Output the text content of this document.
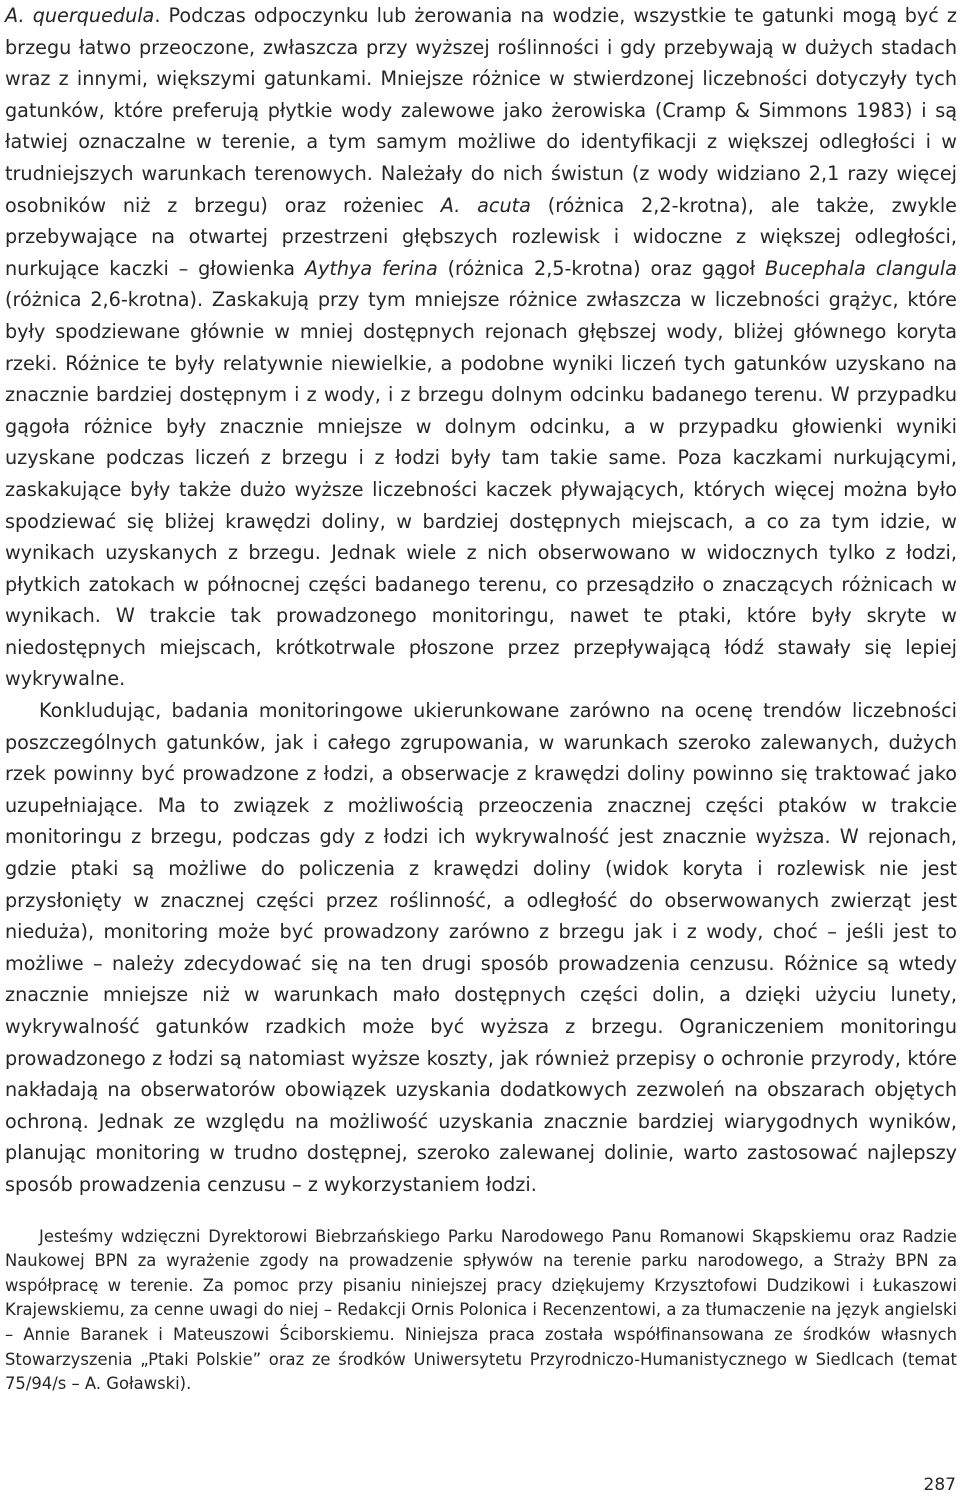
A. querquedula. Podczas odpoczynku lub żerowania na wodzie, wszystkie te gatunki mogą być z brzegu łatwo przeoczone, zwłaszcza przy wyższej roślinności i gdy przebywają w dużych stadach wraz z innymi, większymi gatunkami. Mniejsze różnice w stwierdzonej liczebności dotyczyły tych gatunków, które preferują płytkie wody zalewowe jako żerowiska (Cramp & Simmons 1983) i są łatwiej oznaczalne w terenie, a tym samym możliwe do identyfikacji z większej odległości i w trudniejszych warunkach terenowych. Należały do nich świstun (z wody widziano 2,1 razy więcej osobników niż z brzegu) oraz rożeniec A. acuta (różnica 2,2-krotna), ale także, zwykle przebywające na otwartej przestrzeni głębszych rozlewisk i widoczne z większej odległości, nurkujące kaczki – głowienka Aythya ferina (różnica 2,5-krotna) oraz gągoł Bucephala clangula (różnica 2,6-krotna). Zaskakują przy tym mniejsze różnice zwłaszcza w liczebności grążyc, które były spodziewane głównie w mniej dostępnych rejonach głębszej wody, bliżej głównego koryta rzeki. Różnice te były relatywnie niewielkie, a podobne wyniki liczeń tych gatunków uzyskano na znacznie bardziej dostępnym i z wody, i z brzegu dolnym odcinku badanego terenu. W przypadku gągoła różnice były znacznie mniejsze w dolnym odcinku, a w przypadku głowienki wyniki uzyskane podczas liczeń z brzegu i z łodzi były tam takie same. Poza kaczkami nurkującymi, zaskakujące były także dużo wyższe liczebności kaczek pływających, których więcej można było spodziewać się bliżej krawędzi doliny, w bardziej dostępnych miejscach, a co za tym idzie, w wynikach uzyskanych z brzegu. Jednak wiele z nich obserwowano w widocznych tylko z łodzi, płytkich zatokach w północnej części badanego terenu, co przesądziło o znaczących różnicach w wynikach. W trakcie tak prowadzonego monitoringu, nawet te ptaki, które były skryte w niedostępnych miejscach, krótkotrwale płoszone przez przepływającą łódź stawały się lepiej wykrywalne.

Konkludując, badania monitoringowe ukierunkowane zarówno na ocenę trendów liczebności poszczególnych gatunków, jak i całego zgrupowania, w warunkach szeroko zalewanych, dużych rzek powinny być prowadzone z łodzi, a obserwacje z krawędzi doliny powinno się traktować jako uzupełniające. Ma to związek z możliwością przeoczenia znacznej części ptaków w trakcie monitoringu z brzegu, podczas gdy z łodzi ich wykrywalność jest znacznie wyższa. W rejonach, gdzie ptaki są możliwe do policzenia z krawędzi doliny (widok koryta i rozlewisk nie jest przysłonięty w znacznej części przez roślinność, a odległość do obserwowanych zwierząt jest nieduża), monitoring może być prowadzony zarówno z brzegu jak i z wody, choć – jeśli jest to możliwe – należy zdecydować się na ten drugi sposób prowadzenia cenzusu. Różnice są wtedy znacznie mniejsze niż w warunkach mało dostępnych części dolin, a dzięki użyciu lunety, wykrywalność gatunków rzadkich może być wyższa z brzegu. Ograniczeniem monitoringu prowadzonego z łodzi są natomiast wyższe koszty, jak również przepisy o ochronie przyrody, które nakładają na obserwatorów obowiązek uzyskania dodatkowych zezwoleń na obszarach objętych ochroną. Jednak ze względu na możliwość uzyskania znacznie bardziej wiarygodnych wyników, planując monitoring w trudno dostępnej, szeroko zalewanej dolinie, warto zastosować najlepszy sposób prowadzenia cenzusu – z wykorzystaniem łodzi.

Jesteśmy wdzięczni Dyrektorowi Biebrzańskiego Parku Narodowego Panu Romanowi Skąpskiemu oraz Radzie Naukowej BPN za wyrażenie zgody na prowadzenie spływów na terenie parku narodowego, a Straży BPN za współpracę w terenie. Za pomoc przy pisaniu niniejszej pracy dziękujemy Krzysztofowi Dudzikowi i Łukaszowi Krajewskiemu, za cenne uwagi do niej – Redakcji Ornis Polonica i Recenzentowi, a za tłumaczenie na język angielski – Annie Baranek i Mateuszowi Ściborskiemu. Niniejsza praca została współfinansowana ze środków własnych Stowarzyszenia „Ptaki Polskie” oraz ze środków Uniwersytetu Przyrodniczo-Humanistycznego w Siedlcach (temat 75/94/s – A. Goławski).

287
